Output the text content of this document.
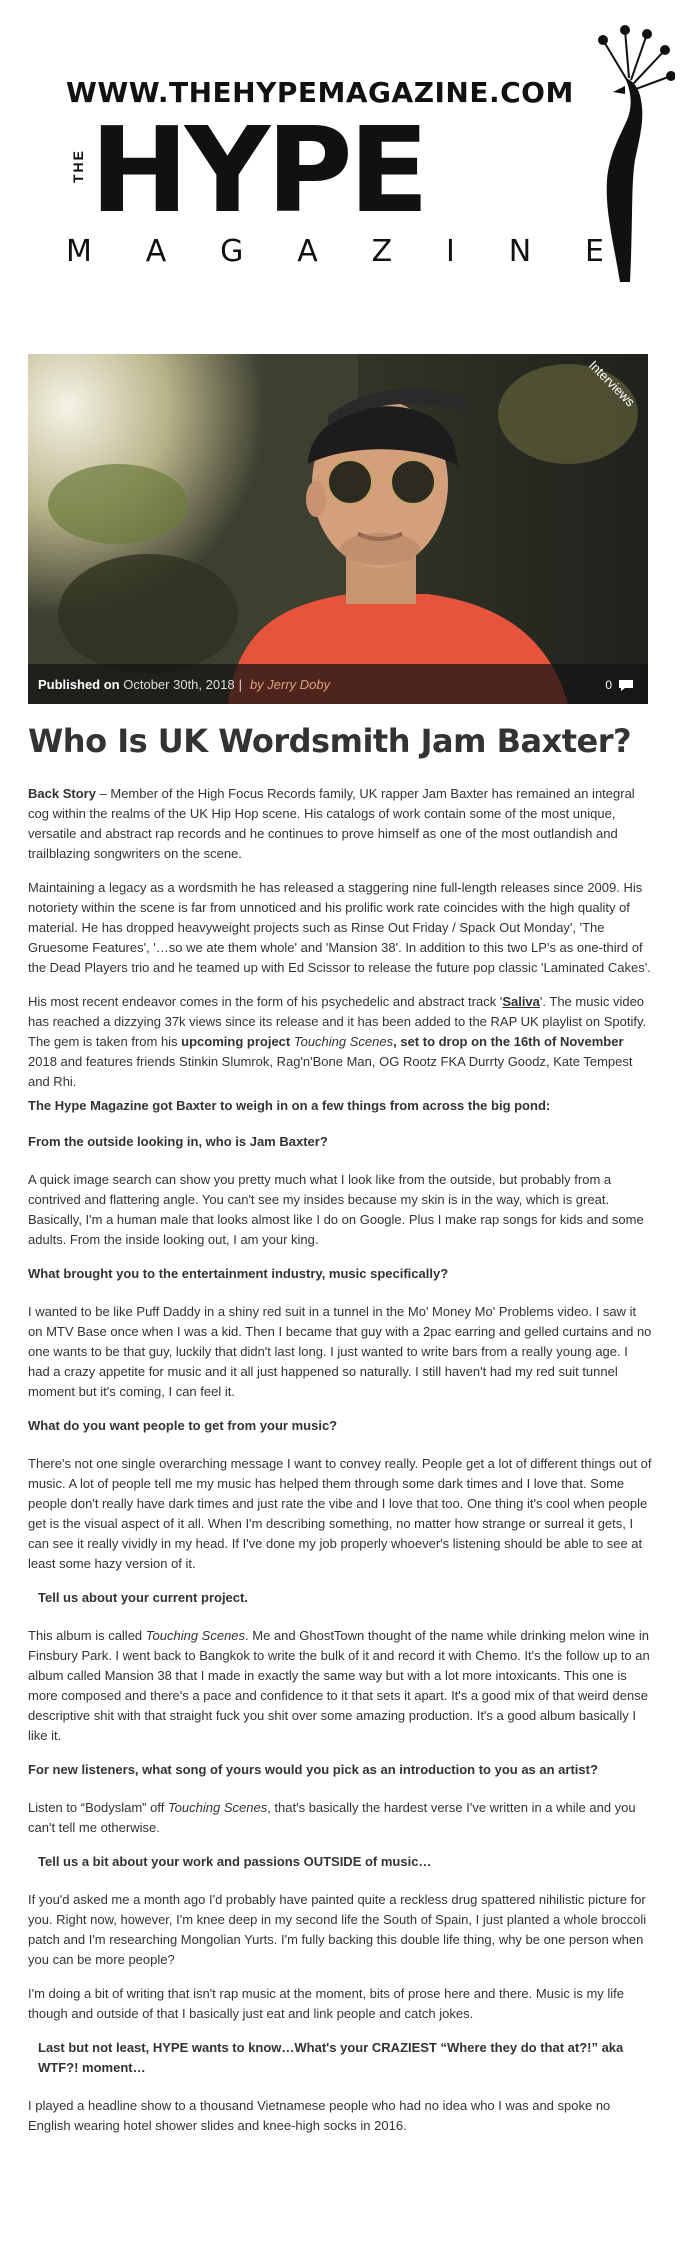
WWW.THEHYPEMAGAZINE.COM
THE HYPE
M A G A Z I N E
Interviews
Published on
October 30th, 2018 | by Jerry Doby	0
Who Is UK Wordsmith Jam Baxter?

Back Story – Member of the High Focus Records family, UK rapper Jam Baxter has remained an integral cog within the realms of the UK Hip Hop scene. His catalogs of work contain some of the most unique, versatile and abstract rap records and he continues to prove himself as one of the most outlandish and trailblazing songwriters on the scene.

Maintaining a legacy as a wordsmith he has released a staggering nine full-length releases since 2009. His notoriety within the scene is far from unnoticed and his prolific work rate coincides with the high quality of material. He has dropped heavyweight projects such as Rinse Out Friday / Spack Out Monday', 'The Gruesome Features', '…so we ate them whole' and 'Mansion 38'. In addition to this two LP's as one-third of the Dead Players trio and he teamed up with Ed Scissor to release the future pop classic 'Laminated Cakes'.

His most recent endeavor comes in the form of his psychedelic and abstract track 'Saliva'. The music video has reached a dizzying 37k views since its release and it has been added to the RAP UK playlist on Spotify. The gem is taken from his upcoming project Touching Scenes, set to drop on the 16th of November 2018 and features friends Stinkin Slumrok, Rag'n'Bone Man, OG Rootz FKA Durrty Goodz, Kate Tempest and Rhi.

The Hype Magazine got Baxter to weigh in on a few things from across the big pond:

From the outside looking in, who is Jam Baxter?

A quick image search can show you pretty much what I look like from the outside, but probably from a contrived and flattering angle. You can't see my insides because my skin is in the way, which is great. Basically, I'm a human male that looks almost like I do on Google. Plus I make rap songs for kids and some adults. From the inside looking out, I am your king.

What brought you to the entertainment industry, music specifically?

I wanted to be like Puff Daddy in a shiny red suit in a tunnel in the Mo' Money Mo' Problems video. I saw it on MTV Base once when I was a kid. Then I became that guy with a 2pac earring and gelled curtains and no one wants to be that guy, luckily that didn't last long. I just wanted to write bars from a really young age. I had a crazy appetite for music and it all just happened so naturally. I still haven't had my red suit tunnel moment but it's coming, I can feel it.

What do you want people to get from your music?

There's not one single overarching message I want to convey really. People get a lot of different things out of music. A lot of people tell me my music has helped them through some dark times and I love that. Some people don't really have dark times and just rate the vibe and I love that too. One thing it's cool when people get is the visual aspect of it all. When I'm describing something, no matter how strange or surreal it gets, I can see it really vividly in my head. If I've done my job properly whoever's listening should be able to see at least some hazy version of it.

Tell us about your current project.

This album is called Touching Scenes. Me and GhostTown thought of the name while drinking melon wine in Finsbury Park. I went back to Bangkok to write the bulk of it and record it with Chemo. It's the follow up to an album called Mansion 38 that I made in exactly the same way but with a lot more intoxicants. This one is more composed and there's a pace and confidence to it that sets it apart. It's a good mix of that weird dense descriptive shit with that straight fuck you shit over some amazing production. It's a good album basically I like it.

For new listeners, what song of yours would you pick as an introduction to you as an artist?

Listen to “Bodyslam” off Touching Scenes, that's basically the hardest verse I've written in a while and you can't tell me otherwise.

Tell us a bit about your work and passions OUTSIDE of music…

If you'd asked me a month ago I'd probably have painted quite a reckless drug spattered nihilistic picture for you. Right now, however, I'm knee deep in my second life the South of Spain, I just planted a whole broccoli patch and I'm researching Mongolian Yurts. I'm fully backing this double life thing, why be one person when you can be more people?

I'm doing a bit of writing that isn't rap music at the moment, bits of prose here and there. Music is my life though and outside of that I basically just eat and link people and catch jokes.

Last but not least, HYPE wants to know…What's your CRAZIEST “Where they do that at?!” aka WTF?! moment…

I played a headline show to a thousand Vietnamese people who had no idea who I was and spoke no English wearing hotel shower slides and knee-high socks in 2016.
